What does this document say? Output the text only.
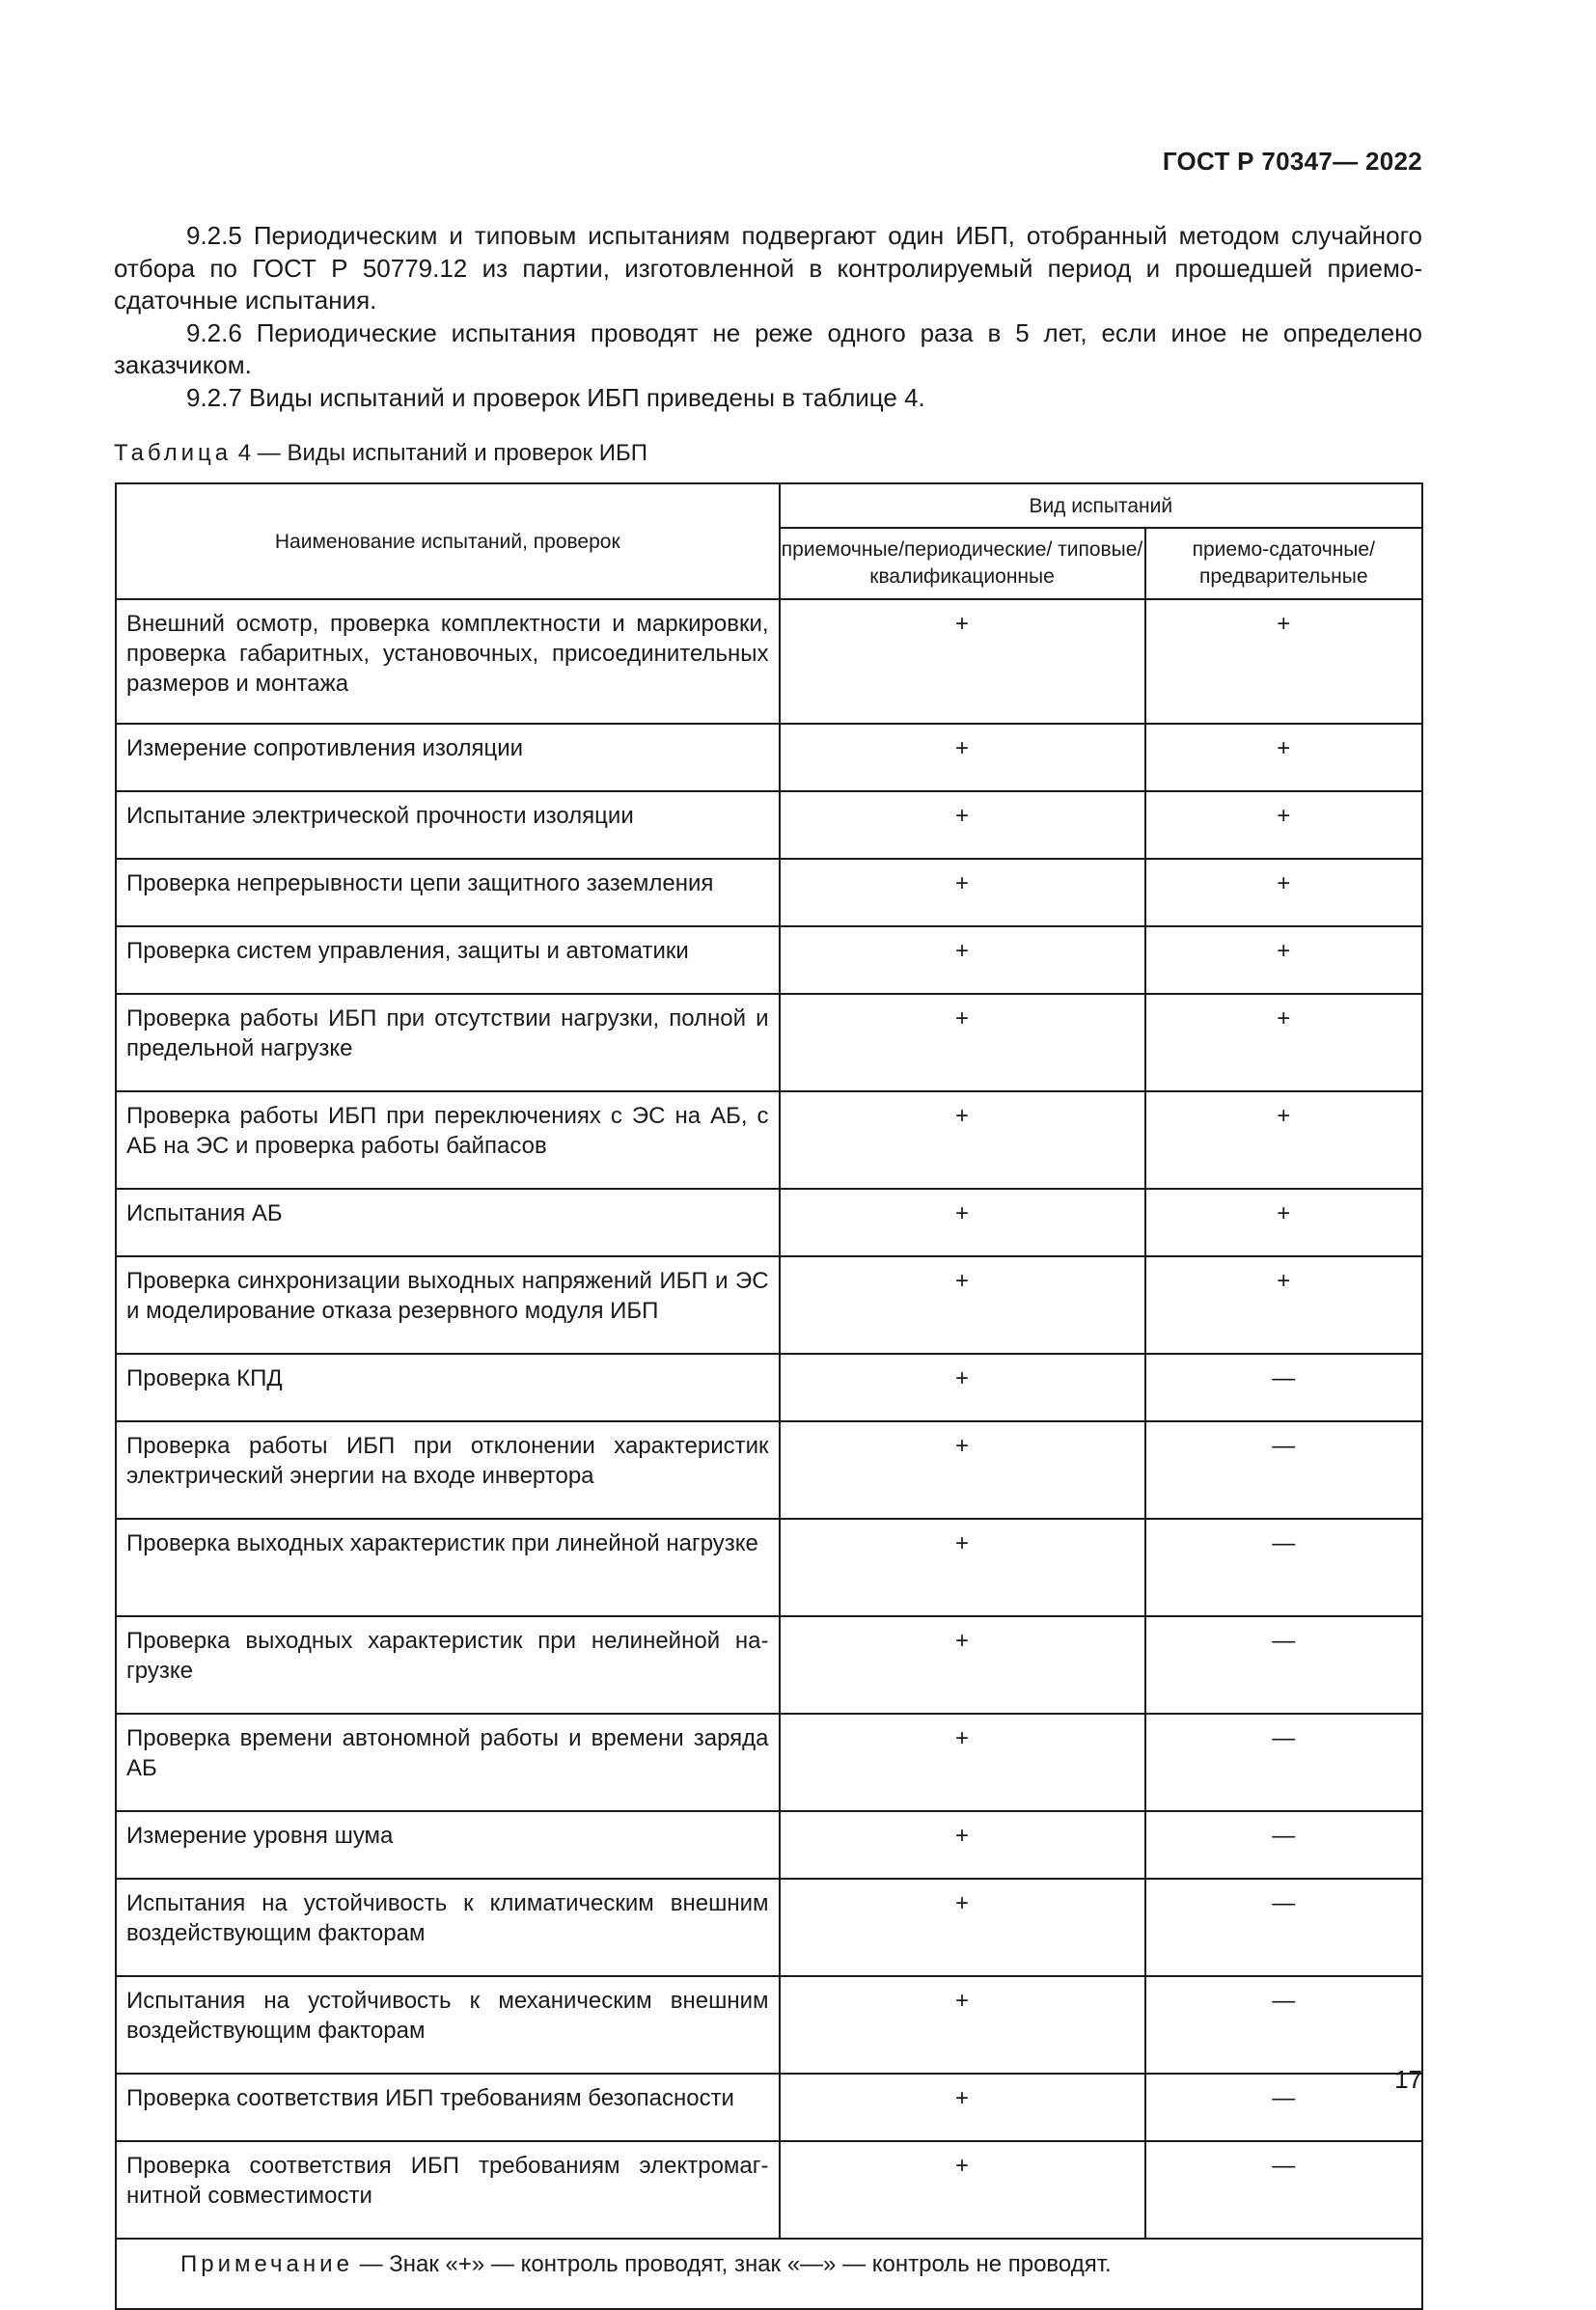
ГОСТ Р 70347— 2022

9.2.5 Периодическим и типовым испытаниям подвергают один ИБП, отобранный методом случайного отбора по ГОСТ Р 50779.12 из партии, изготовленной в контролируемый период и прошедшей приемо-сдаточные испытания.

9.2.6 Периодические испытания проводят не реже одного раза в 5 лет, если иное не определено заказчиком.

9.2.7 Виды испытаний и проверок ИБП приведены в таблице 4.

Таблица 4 — Виды испытаний и проверок ИБП
Наименование испытаний, проверок	Вид испытаний	
	приемочные/периодические/ типовые/квалификационные	приемо-сдаточные/ предварительные
Внешний осмотр, проверка комплектности и маркировки, проверка габаритных, установочных, присоединительных размеров и монтажа	+	+
Измерение сопротивления изоляции	+	+
Испытание электрической прочности изоляции	+	+
Проверка непрерывности цепи защитного заземления	+	+
Проверка систем управления, защиты и автоматики	+	+
Проверка работы ИБП при отсутствии нагрузки, полной и предельной нагрузке	+	+
Проверка работы ИБП при переключениях с ЭС на АБ, с АБ на ЭС и проверка работы байпасов	+	+
Испытания АБ	+	+
Проверка синхронизации выходных напряжений ИБП и ЭС и моделирование отказа резервного модуля ИБП	+	+
Проверка КПД	+	—
Проверка работы ИБП при отклонении характеристик электрический энергии на входе инвертора	+	—
Проверка выходных характеристик при линейной нагрузке	+	—
Проверка выходных характеристик при нелинейной нагрузке	+	—
Проверка времени автономной работы и времени заряда АБ	+	—
Измерение уровня шума	+	—
Испытания на устойчивость к климатическим внешним воздействующим факторам	+	—
Испытания на устойчивость к механическим внешним воздействующим факторам	+	—
Проверка соответствия ИБП требованиям безопасности	+	—
Проверка соответствия ИБП требованиям электромагнитной совместимости	+	—
Примечание — Знак «+» — контроль проводят, знак «—» — контроль не проводят.		
17
